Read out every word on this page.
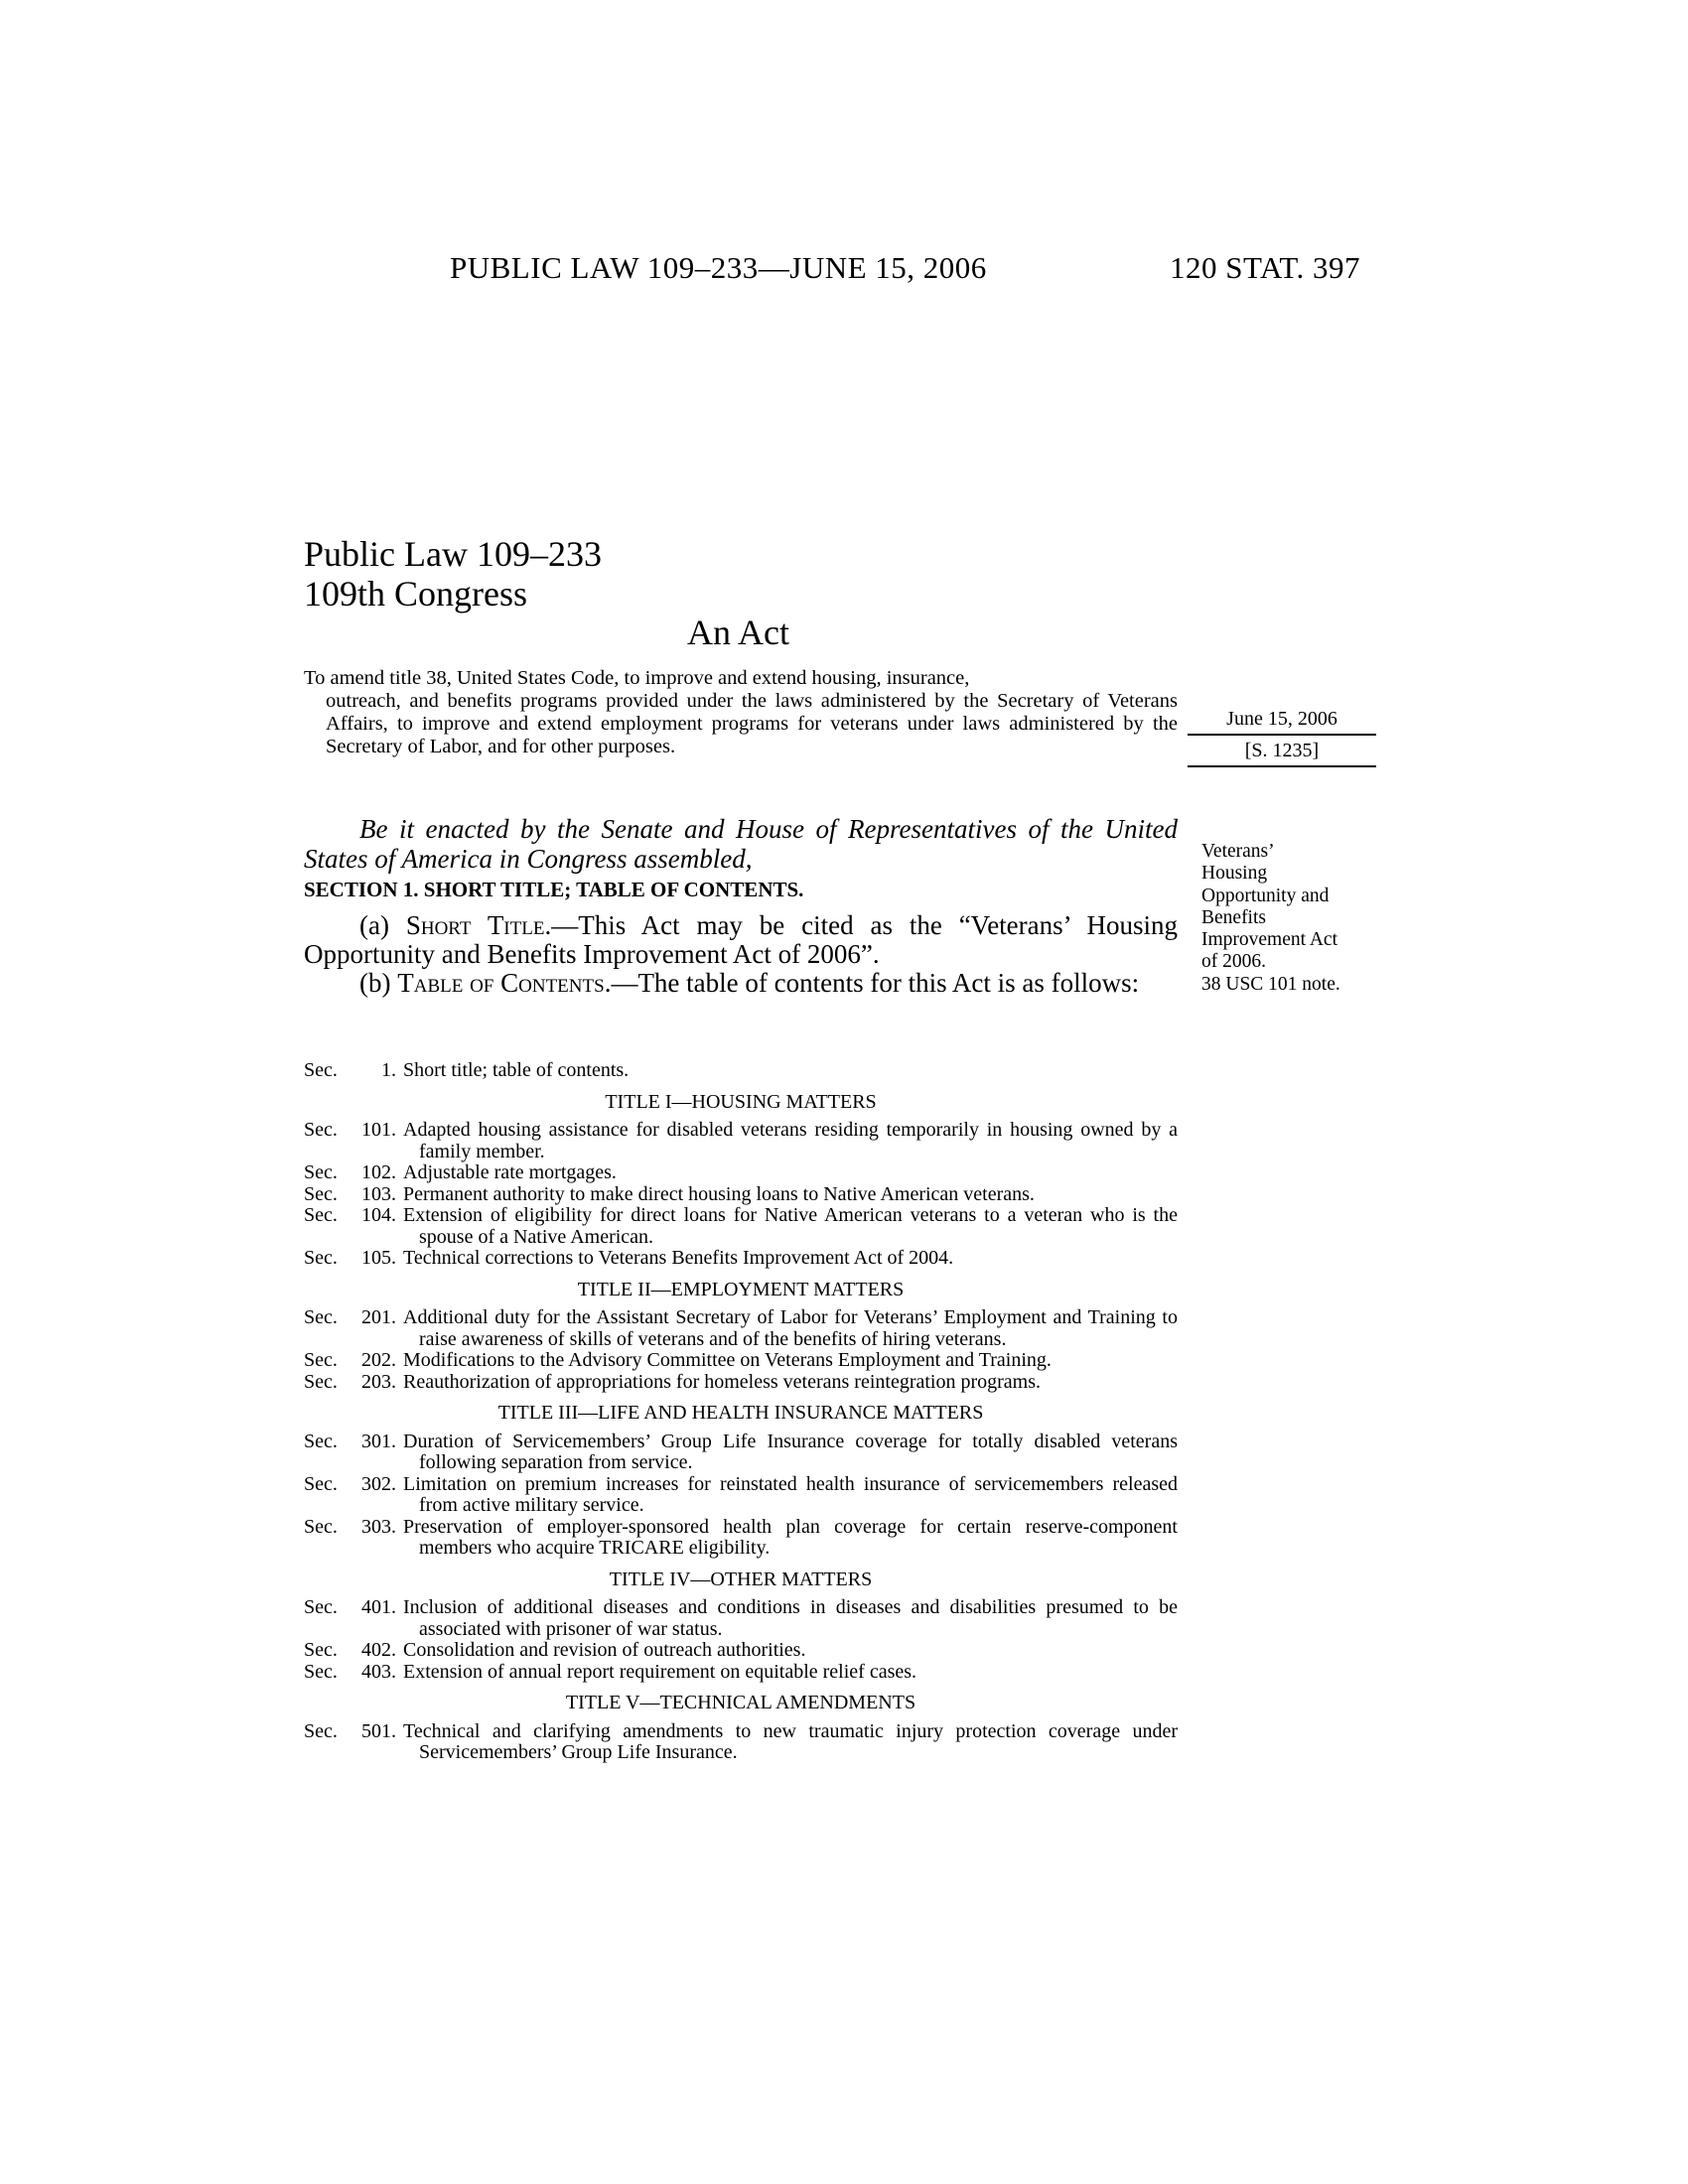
PUBLIC LAW 109–233—JUNE 15, 2006	120 STAT. 397
Public Law 109–233
109th Congress
An Act
To amend title 38, United States Code, to improve and extend housing, insurance,
outreach, and benefits programs provided under the laws administered by the Secretary of Veterans Affairs, to improve and extend employment programs for veterans under laws administered by the Secretary of Labor, and for other purposes.
June 15, 2006
[S. 1235]
Be it enacted by the Senate and House of Representatives of the United States of America in Congress assembled,
SECTION 1. SHORT TITLE; TABLE OF CONTENTS.
(a) Short Title.—This Act may be cited as the “Veterans’ Housing Opportunity and Benefits Improvement Act of 2006”.
(b) Table of Contents.—The table of contents for this Act is as follows:
Veterans’
Housing
Opportunity and
Benefits
Improvement Act
of 2006.
38 USC 101 note.
Sec.	1. Short title; table of contents.
TITLE I—HOUSING MATTERS
Sec.	101. Adapted housing assistance for disabled veterans residing temporarily in housing owned by a family member.
Sec.	102. Adjustable rate mortgages.
Sec.	103. Permanent authority to make direct housing loans to Native American veterans.
Sec.	104. Extension of eligibility for direct loans for Native American veterans to a veteran who is the spouse of a Native American.
Sec.	105. Technical corrections to Veterans Benefits Improvement Act of 2004.
TITLE II—EMPLOYMENT MATTERS
Sec.	201. Additional duty for the Assistant Secretary of Labor for Veterans’ Employment and Training to raise awareness of skills of veterans and of the benefits of hiring veterans.
Sec.	202. Modifications to the Advisory Committee on Veterans Employment and Training.
Sec.	203. Reauthorization of appropriations for homeless veterans reintegration programs.
TITLE III—LIFE AND HEALTH INSURANCE MATTERS
Sec.	301. Duration of Servicemembers’ Group Life Insurance coverage for totally disabled veterans following separation from service.
Sec.	302. Limitation on premium increases for reinstated health insurance of servicemembers released from active military service.
Sec.	303. Preservation of employer-sponsored health plan coverage for certain reserve-component members who acquire TRICARE eligibility.
TITLE IV—OTHER MATTERS
Sec.	401. Inclusion of additional diseases and conditions in diseases and disabilities presumed to be associated with prisoner of war status.
Sec.	402. Consolidation and revision of outreach authorities.
Sec.	403. Extension of annual report requirement on equitable relief cases.
TITLE V—TECHNICAL AMENDMENTS
Sec.	501. Technical and clarifying amendments to new traumatic injury protection coverage under Servicemembers’ Group Life Insurance.
